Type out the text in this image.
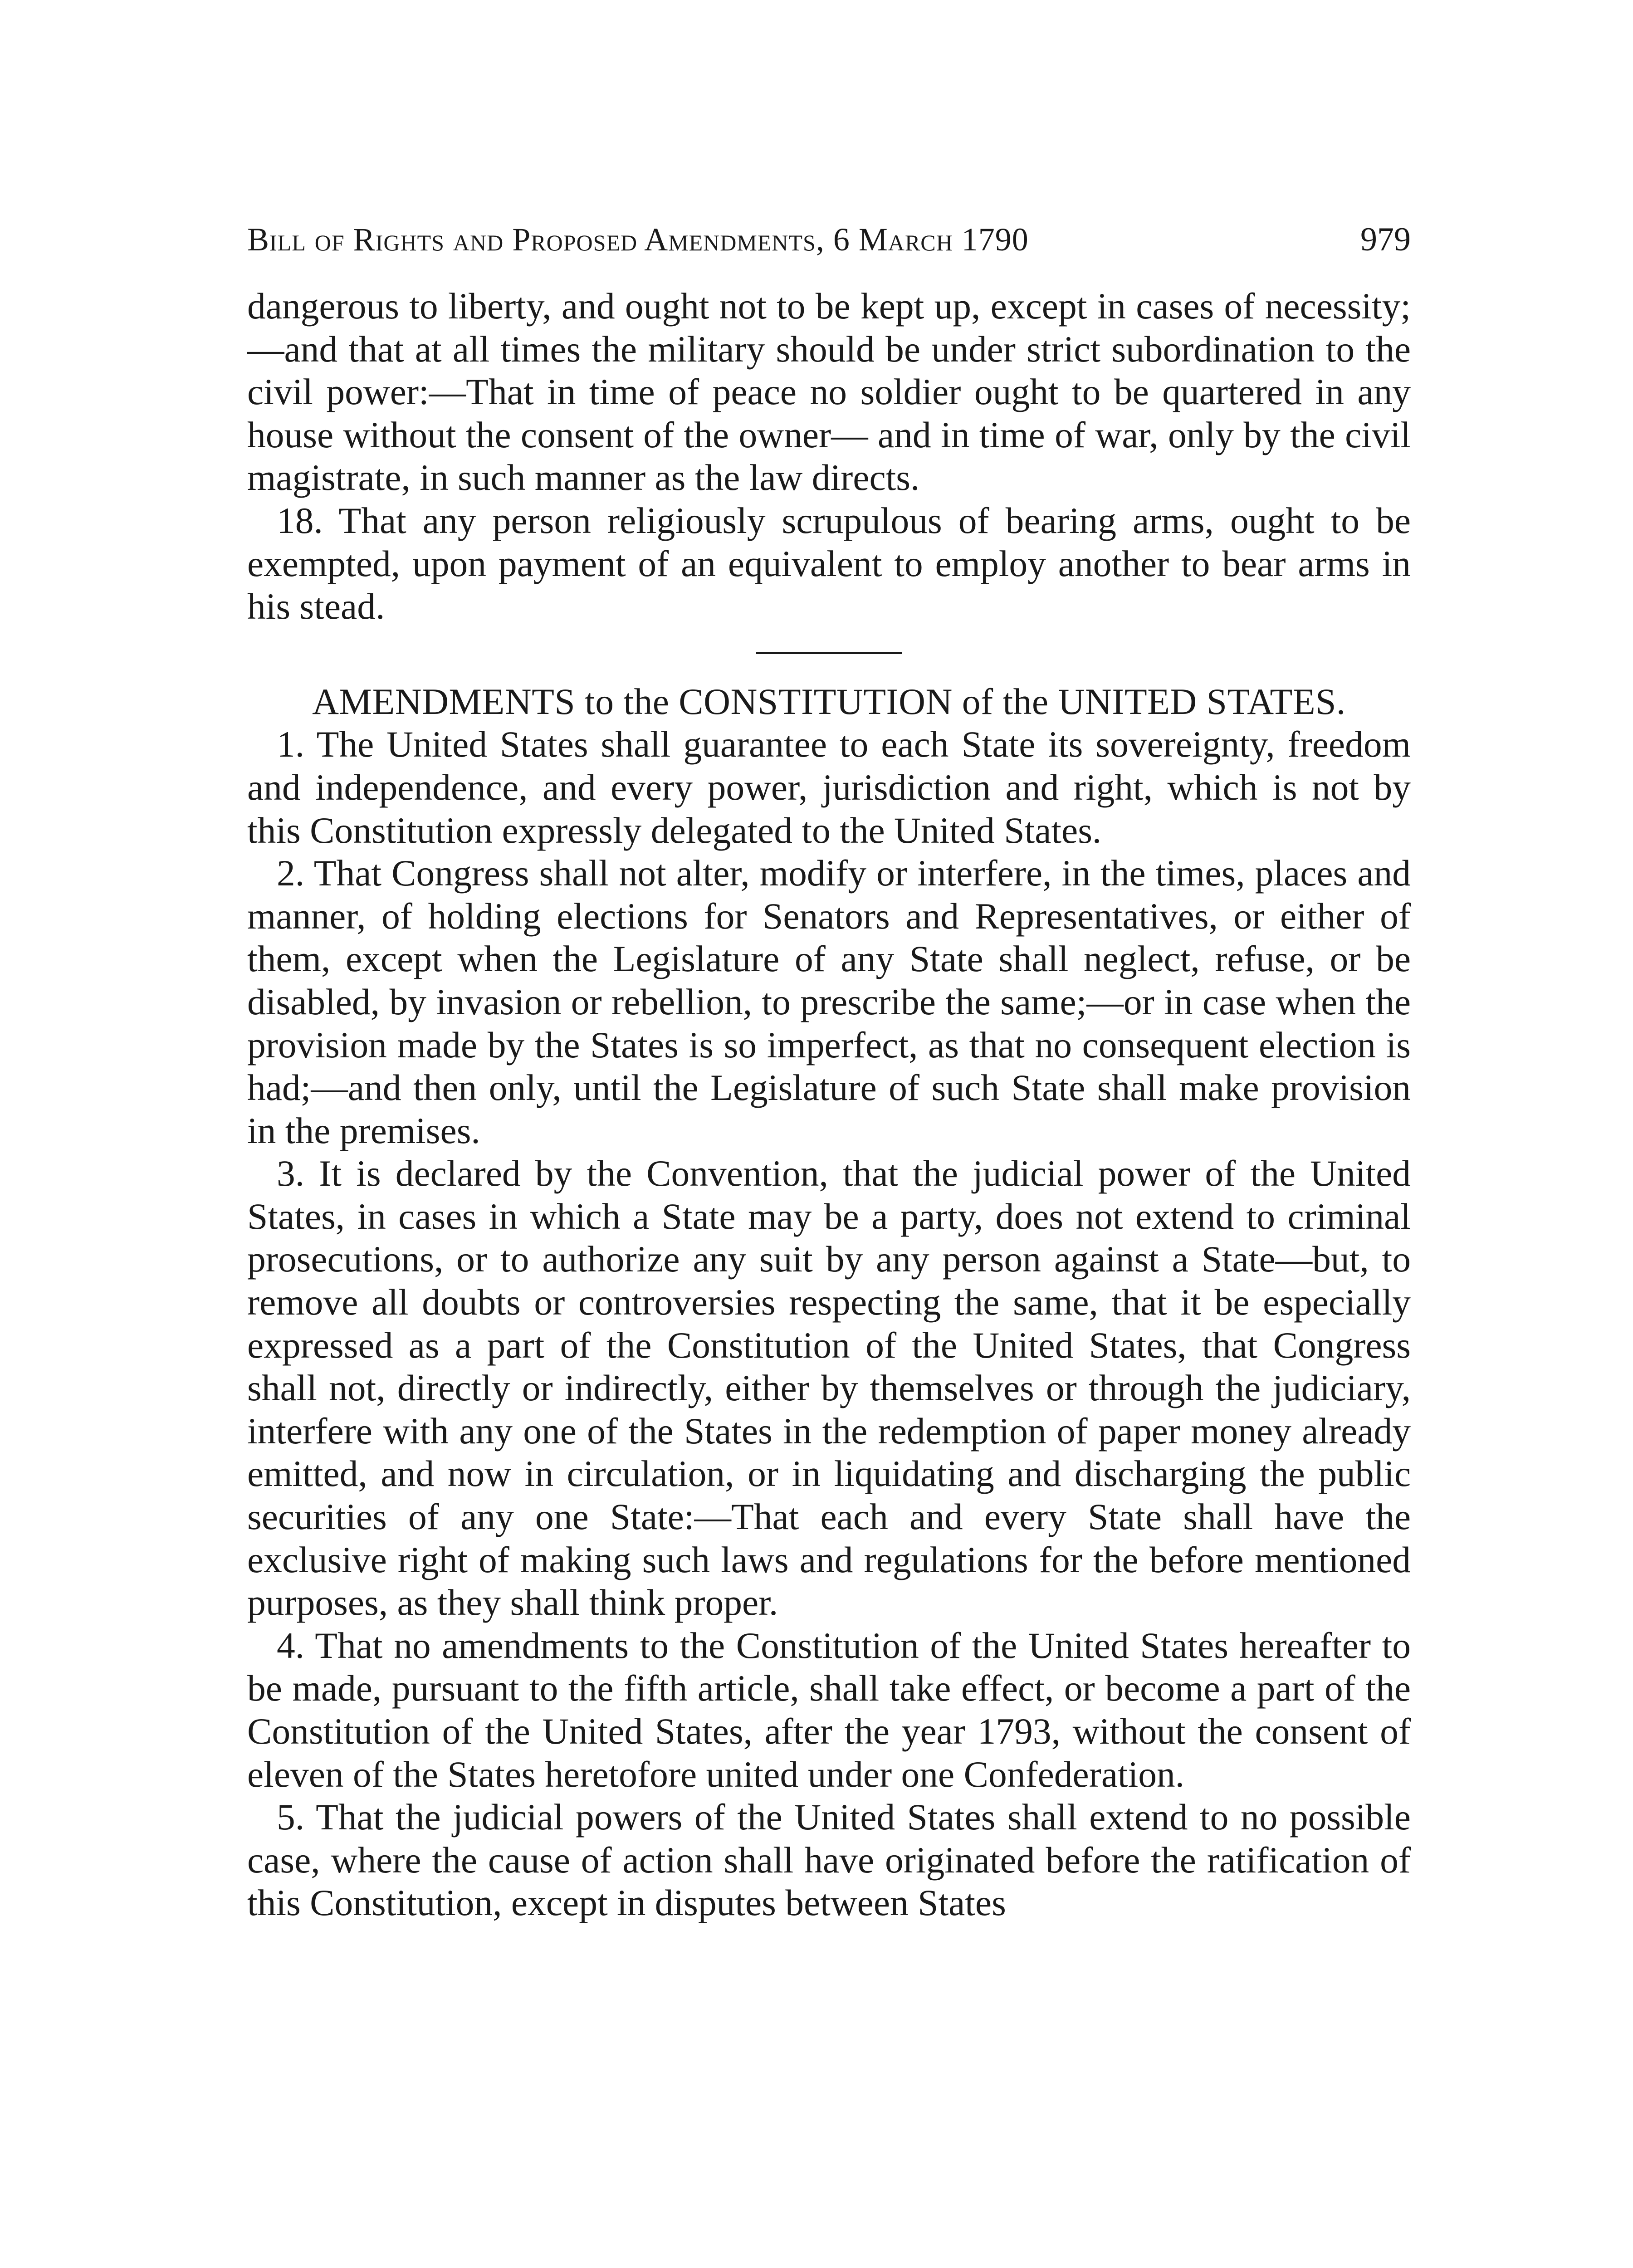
Bill of Rights and Proposed Amendments, 6 March 1790	979

dangerous to liberty, and ought not to be kept up, except in cases of necessity;—and that at all times the military should be under strict subordination to the civil power:—That in time of peace no soldier ought to be quartered in any house without the consent of the owner— and in time of war, only by the civil magistrate, in such manner as the law directs.

18. That any person religiously scrupulous of bearing arms, ought to be exempted, upon payment of an equivalent to employ another to bear arms in his stead.

AMENDMENTS to the CONSTITUTION of the UNITED STATES.

1. The United States shall guarantee to each State its sovereignty, freedom and independence, and every power, jurisdiction and right, which is not by this Constitution expressly delegated to the United States.

2. That Congress shall not alter, modify or interfere, in the times, places and manner, of holding elections for Senators and Representatives, or either of them, except when the Legislature of any State shall neglect, refuse, or be disabled, by invasion or rebellion, to prescribe the same;—or in case when the provision made by the States is so imperfect, as that no consequent election is had;—and then only, until the Legislature of such State shall make provision in the premises.

3. It is declared by the Convention, that the judicial power of the United States, in cases in which a State may be a party, does not extend to criminal prosecutions, or to authorize any suit by any person against a State—but, to remove all doubts or controversies respecting the same, that it be especially expressed as a part of the Constitution of the United States, that Congress shall not, directly or indirectly, either by themselves or through the judiciary, interfere with any one of the States in the redemption of paper money already emitted, and now in circulation, or in liquidating and discharging the public securities of any one State:—That each and every State shall have the exclusive right of making such laws and regulations for the before mentioned purposes, as they shall think proper.

4. That no amendments to the Constitution of the United States hereafter to be made, pursuant to the fifth article, shall take effect, or become a part of the Constitution of the United States, after the year 1793, without the consent of eleven of the States heretofore united under one Confederation.

5. That the judicial powers of the United States shall extend to no possible case, where the cause of action shall have originated before the ratification of this Constitution, except in disputes between States
